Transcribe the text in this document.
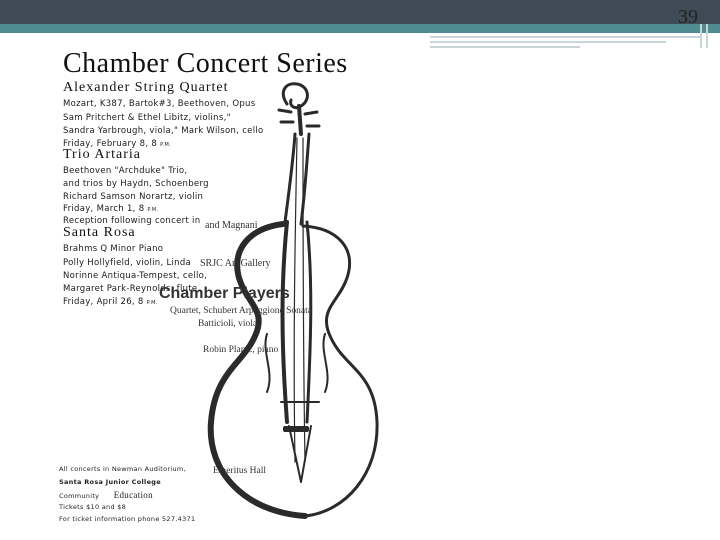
39
Chamber Concert Series
Alexander String Quartet
Mozart, K387, Bartok#3, Beethoven, Opus
Sam Pritchert & Ethel Libitz, violins,"
Sandra Yarbrough, viola," Mark Wilson, cello
Friday, February 8, 8 P.M.
Trio Artaria
Beethoven "Archduke" Trio,
and trios by Haydn, Schoenberg
Richard Samson Norartz, violin
Friday, March 1, 8 P.M.
Reception following concert in
Santa Rosa
Brahms Q Minor Piano
Polly Hollyfield, violin, Linda
Norinne Antiqua-Tempest, cello,
Margaret Park-Reynolds, flute,
Friday, April 26, 8 P.M.
and Magnani
SRJC Art Gallery
Chamber Players
Quartet, Schubert Arpeggione Sonata
Batticioli, viola,
Robin Plantz, piano
Emeritus Hall
All concerts in Newman Auditorium,
Santa Rosa Junior College
Community Education
Tickets $10 and $8
For ticket information phone 527.4371
